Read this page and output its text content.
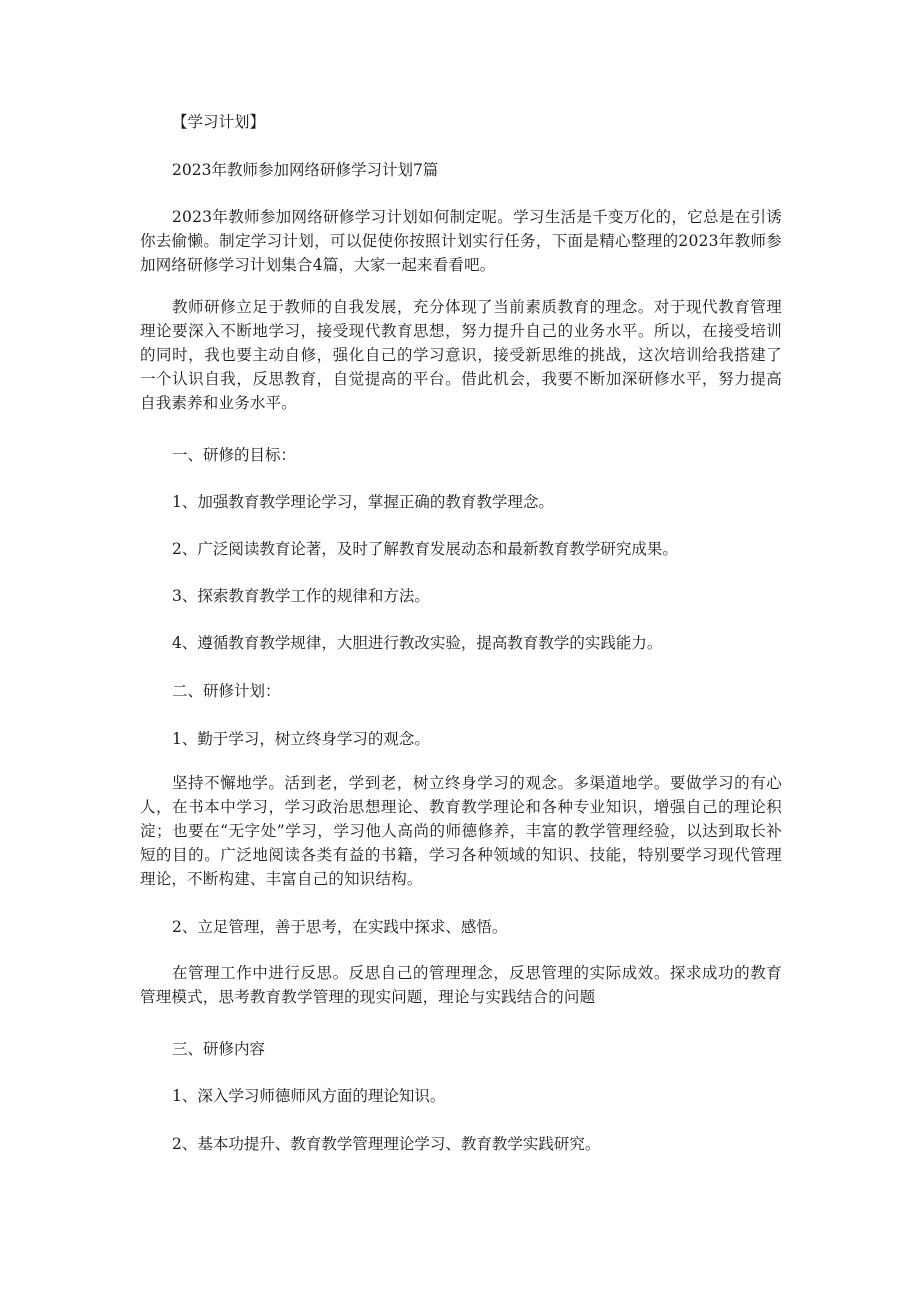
【学习计划】
2023年教师参加网络研修学习计划7篇
2023年教师参加网络研修学习计划如何制定呢。学习生活是千变万化的，它总是在引诱你去偷懒。制定学习计划，可以促使你按照计划实行任务，下面是精心整理的2023年教师参加网络研修学习计划集合4篇，大家一起来看看吧。
教师研修立足于教师的自我发展，充分体现了当前素质教育的理念。对于现代教育管理理论要深入不断地学习，接受现代教育思想，努力提升自己的业务水平。所以，在接受培训的同时，我也要主动自修，强化自己的学习意识，接受新思维的挑战，这次培训给我搭建了一个认识自我，反思教育，自觉提高的平台。借此机会，我要不断加深研修水平，努力提高自我素养和业务水平。
一、研修的目标：
1、加强教育教学理论学习，掌握正确的教育教学理念。
2、广泛阅读教育论著，及时了解教育发展动态和最新教育教学研究成果。
3、探索教育教学工作的规律和方法。
4、遵循教育教学规律，大胆进行教改实验，提高教育教学的实践能力。
二、研修计划：
1、勤于学习，树立终身学习的观念。
坚持不懈地学。活到老，学到老，树立终身学习的观念。多渠道地学。要做学习的有心人，在书本中学习，学习政治思想理论、教育教学理论和各种专业知识，增强自己的理论积淀；也要在“无字处”学习，学习他人高尚的师德修养，丰富的教学管理经验，以达到取长补短的目的。广泛地阅读各类有益的书籍，学习各种领域的知识、技能，特别要学习现代管理理论，不断构建、丰富自己的知识结构。
2、立足管理，善于思考，在实践中探求、感悟。
在管理工作中进行反思。反思自己的管理理念，反思管理的实际成效。探求成功的教育管理模式，思考教育教学管理的现实问题，理论与实践结合的问题
三、研修内容
1、深入学习师德师风方面的理论知识。
2、基本功提升、教育教学管理理论学习、教育教学实践研究。
